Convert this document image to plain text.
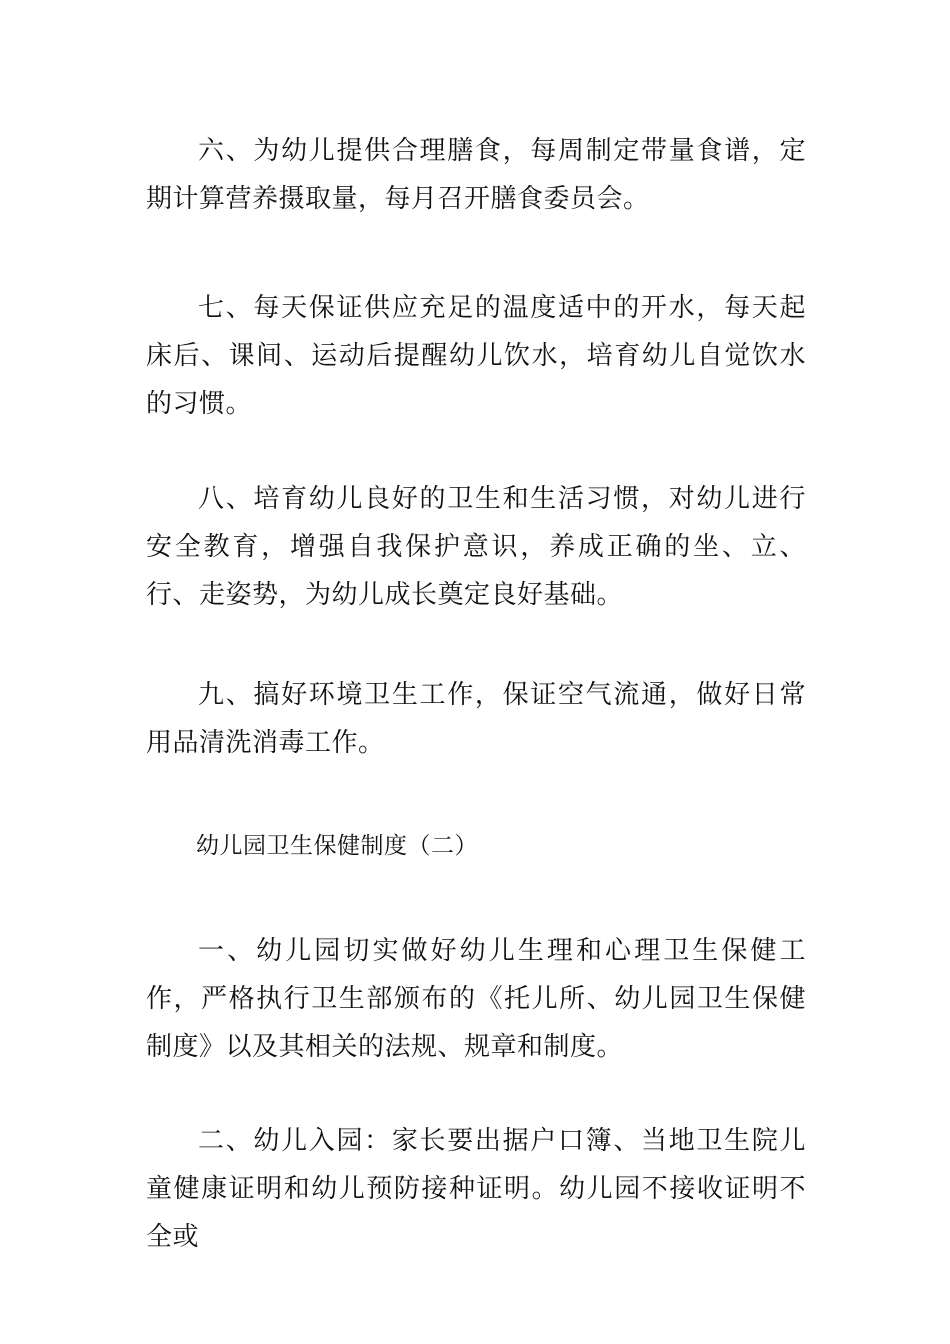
六、为幼儿提供合理膳食，每周制定带量食谱，定期计算营养摄取量，每月召开膳食委员会。

七、每天保证供应充足的温度适中的开水，每天起床后、课间、运动后提醒幼儿饮水，培育幼儿自觉饮水的习惯。

八、培育幼儿良好的卫生和生活习惯，对幼儿进行安全教育，增强自我保护意识，养成正确的坐、立、行、走姿势，为幼儿成长奠定良好基础。

九、搞好环境卫生工作，保证空气流通，做好日常用品清洗消毒工作。

幼儿园卫生保健制度（二）

一、幼儿园切实做好幼儿生理和心理卫生保健工作，严格执行卫生部颁布的《托儿所、幼儿园卫生保健制度》以及其相关的法规、规章和制度。

二、幼儿入园：家长要出据户口簿、当地卫生院儿童健康证明和幼儿预防接种证明。幼儿园不接收证明不全或
